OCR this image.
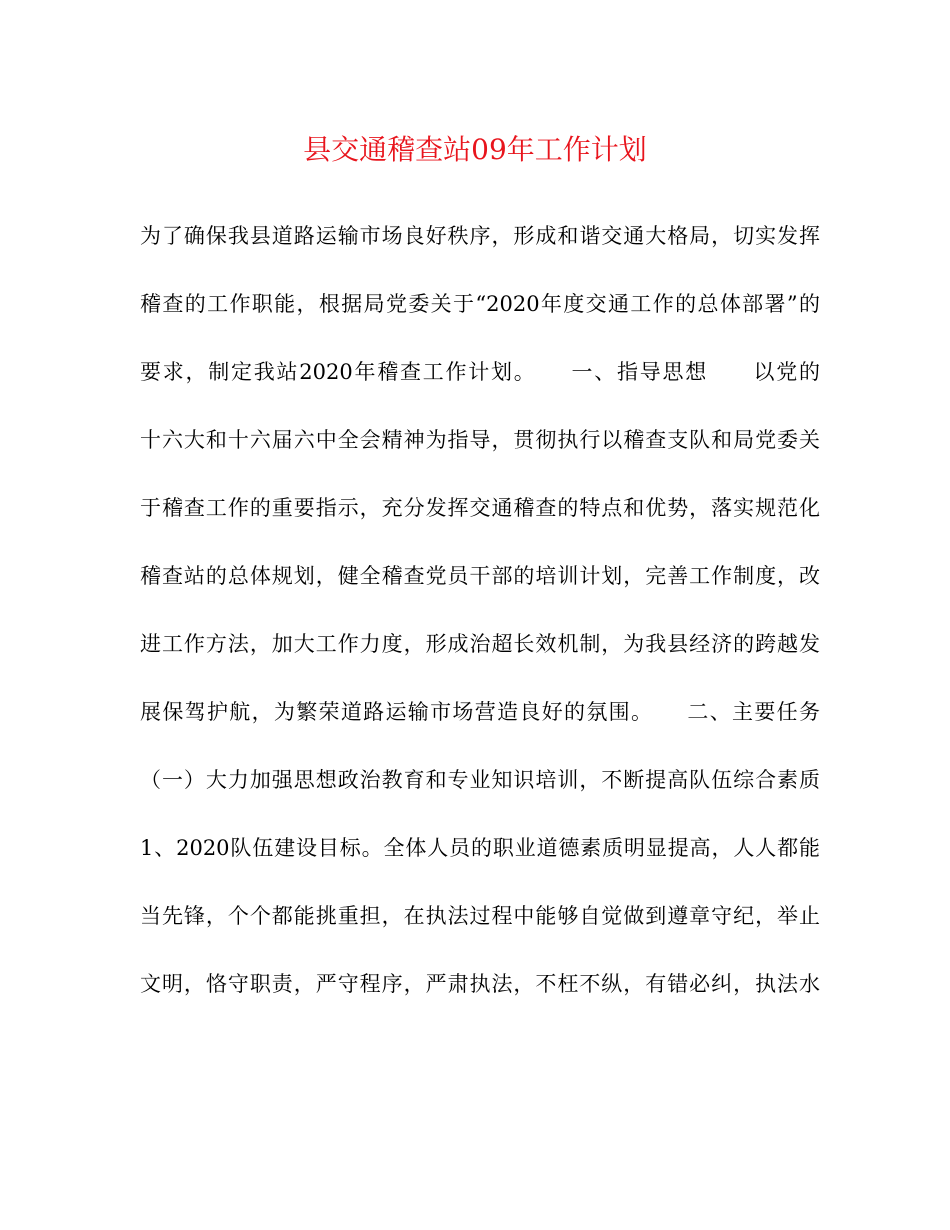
县交通稽查站09年工作计划
为了确保我县道路运输市场良好秩序，形成和谐交通大格局，切实发挥
稽查的工作职能，根据局党委关于“2020年度交通工作的总体部署”的
要求，制定我站2020年稽查工作计划。　　一、指导思想　　以党的
十六大和十六届六中全会精神为指导，贯彻执行以稽查支队和局党委关
于稽查工作的重要指示，充分发挥交通稽查的特点和优势，落实规范化
稽查站的总体规划，健全稽查党员干部的培训计划，完善工作制度，改
进工作方法，加大工作力度，形成治超长效机制，为我县经济的跨越发
展保驾护航，为繁荣道路运输市场营造良好的氛围。　　二、主要任务
（一）大力加强思想政治教育和专业知识培训，不断提高队伍综合素质
1、2020队伍建设目标。全体人员的职业道德素质明显提高，人人都能
当先锋，个个都能挑重担，在执法过程中能够自觉做到遵章守纪，举止
文明，恪守职责，严守程序，严肃执法，不枉不纵，有错必纠，执法水
